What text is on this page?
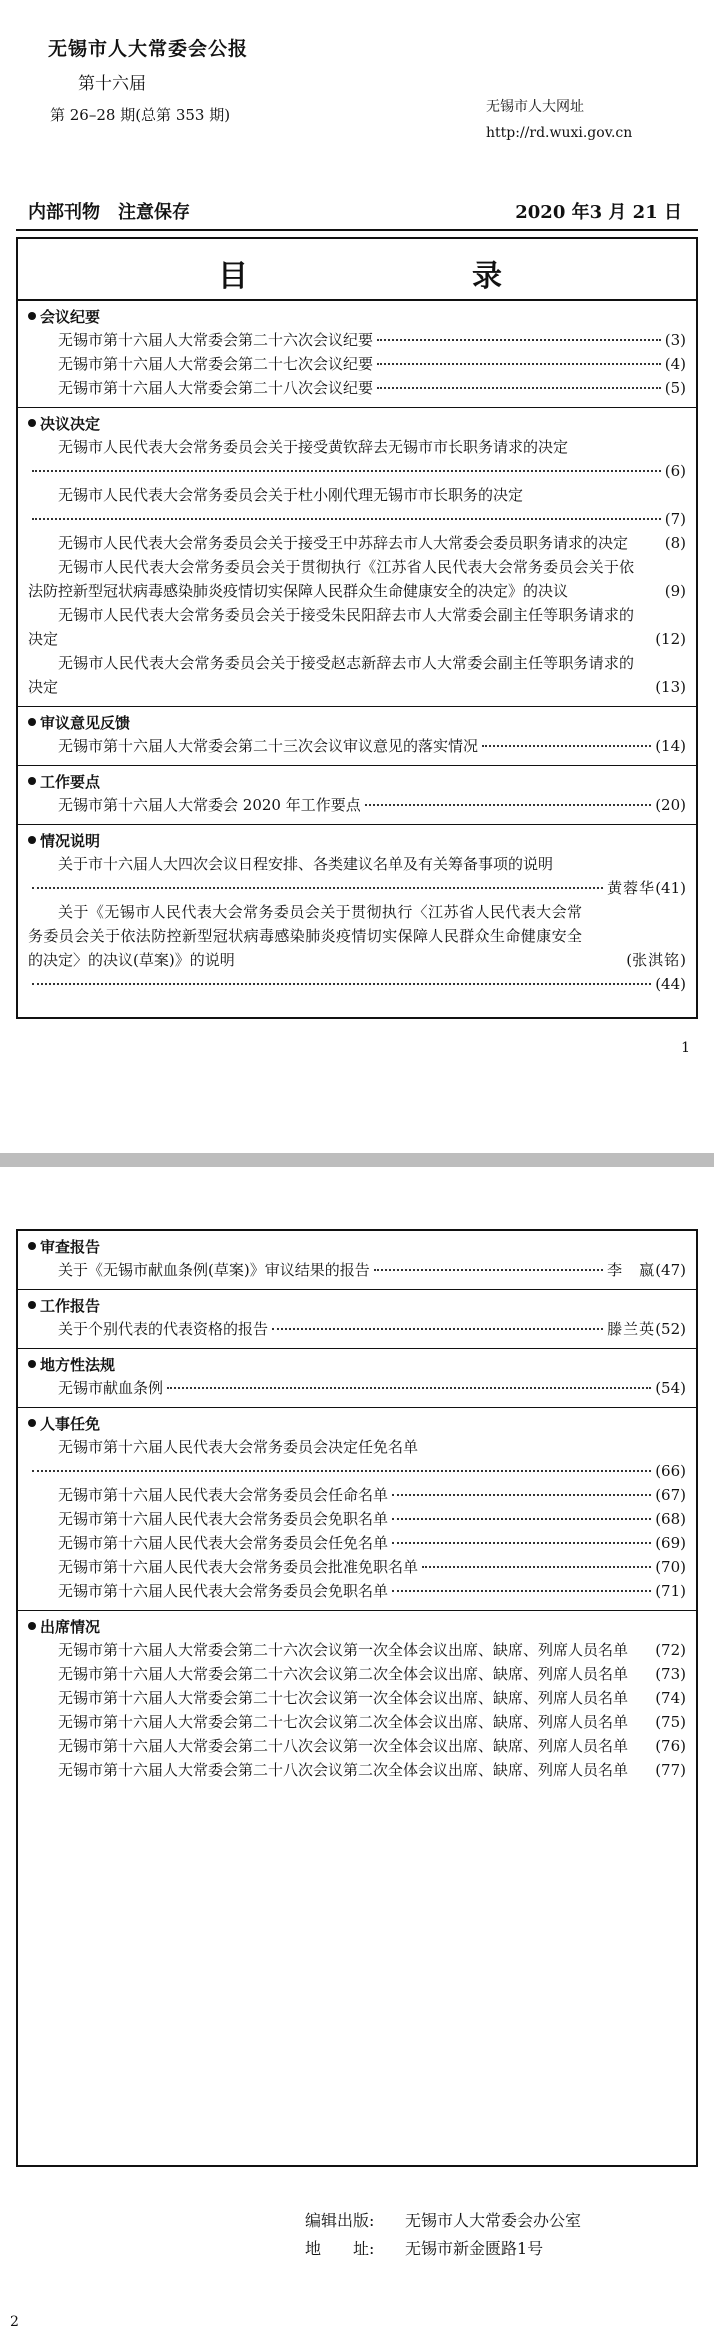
无锡市人大常委会公报
第十六届
第 26–28 期(总第 353 期)	无锡市人大网址
http://rd.wuxi.gov.cn
内部刊物　注意保存	2020 年3 月 21 日
目	录
会议纪要
无锡市第十六届人大常委会第二十六次会议纪要	( 3 )
无锡市第十六届人大常委会第二十七次会议纪要	( 4 )
无锡市第十六届人大常委会第二十八次会议纪要	( 5 )
决议决定
无锡市人民代表大会常务委员会关于接受黄钦辞去无锡市市长职务请求的决定
( 6 )
无锡市人民代表大会常务委员会关于杜小刚代理无锡市市长职务的决定
( 7 )
无锡市人民代表大会常务委员会关于接受王中苏辞去市人大常委会委员职务请求的决定	( 8 )
无锡市人民代表大会常务委员会关于贯彻执行《江苏省人民代表大会常务委员会关于依法防控新型冠状病毒感染肺炎疫情切实保障人民群众生命健康安全的决定》的决议	( 9 )
无锡市人民代表大会常务委员会关于接受朱民阳辞去市人大常委会副主任等职务请求的决定	( 12 )
无锡市人民代表大会常务委员会关于接受赵志新辞去市人大常委会副主任等职务请求的决定	( 13 )
审议意见反馈
无锡市第十六届人大常委会第二十三次会议审议意见的落实情况	( 14 )
工作要点
无锡市第十六届人大常委会 2020 年工作要点	( 20 )
情况说明
关于市十六届人大四次会议日程安排、各类建议名单及有关筹备事项的说明
黄蓉华 ( 41 )
关于《无锡市人民代表大会常务委员会关于贯彻执行〈江苏省人民代表大会常务委员会关于依法防控新型冠状病毒感染肺炎疫情切实保障人民群众生命健康安全的决定〉的决议(草案)》的说明	( 张淇铭 )
( 44 )
1
审查报告
关于《无锡市献血条例(草案)》审议结果的报告	李　嬴 ( 47 )
工作报告
关于个别代表的代表资格的报告	滕兰英 ( 52 )
地方性法规
无锡市献血条例	( 54 )
人事任免
无锡市第十六届人民代表大会常务委员会决定任免名单
( 66 )
无锡市第十六届人民代表大会常务委员会任命名单	( 67 )
无锡市第十六届人民代表大会常务委员会免职名单	( 68 )
无锡市第十六届人民代表大会常务委员会任免名单	( 69 )
无锡市第十六届人民代表大会常务委员会批准免职名单	( 70 )
无锡市第十六届人民代表大会常务委员会免职名单	( 71 )
出席情况
无锡市第十六届人大常委会第二十六次会议第一次全体会议出席、缺席、列席人员名单	( 72 )
无锡市第十六届人大常委会第二十六次会议第二次全体会议出席、缺席、列席人员名单	( 73 )
无锡市第十六届人大常委会第二十七次会议第一次全体会议出席、缺席、列席人员名单	( 74 )
无锡市第十六届人大常委会第二十七次会议第二次全体会议出席、缺席、列席人员名单	( 75 )
无锡市第十六届人大常委会第二十八次会议第一次全体会议出席、缺席、列席人员名单	( 76 )
无锡市第十六届人大常委会第二十八次会议第二次全体会议出席、缺席、列席人员名单	( 77 )
编辑出版: 无锡市人大常委会办公室
地　　址: 无锡市新金匮路1号
2
